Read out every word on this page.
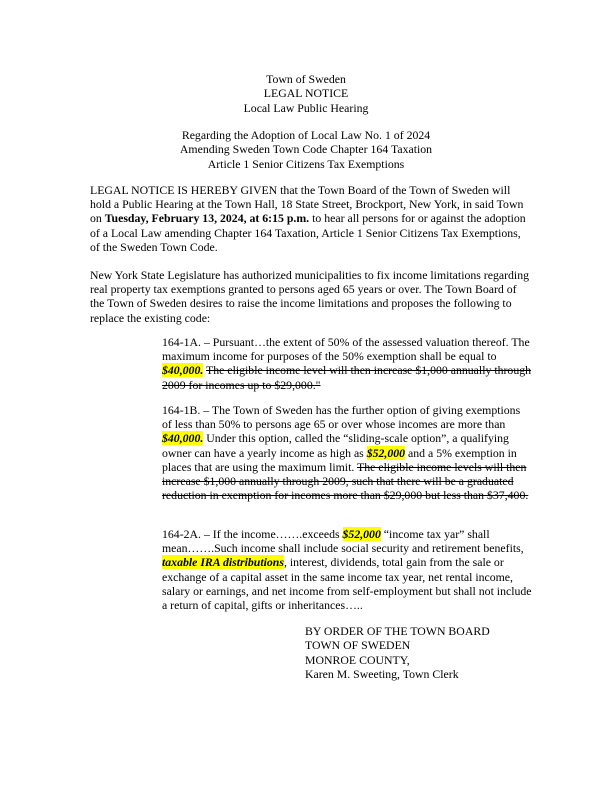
Town of Sweden
LEGAL NOTICE
Local Law Public Hearing
Regarding the Adoption of Local Law No. 1 of 2024
Amending Sweden Town Code Chapter 164 Taxation
Article 1 Senior Citizens Tax Exemptions
LEGAL NOTICE IS HEREBY GIVEN that the Town Board of the Town of Sweden will hold a Public Hearing at the Town Hall, 18 State Street, Brockport, New York, in said Town on Tuesday, February 13, 2024, at 6:15 p.m. to hear all persons for or against the adoption of a Local Law amending Chapter 164 Taxation, Article 1 Senior Citizens Tax Exemptions, of the Sweden Town Code.
New York State Legislature has authorized municipalities to fix income limitations regarding real property tax exemptions granted to persons aged 65 years or over. The Town Board of the Town of Sweden desires to raise the income limitations and proposes the following to replace the existing code:
164-1A. – Pursuant…the extent of 50% of the assessed valuation thereof. The maximum income for purposes of the 50% exemption shall be equal to $40,000. The eligible income level will then increase $1,000 annually through 2009 for incomes up to $29,000."
164-1B. – The Town of Sweden has the further option of giving exemptions of less than 50% to persons age 65 or over whose incomes are more than $40,000. Under this option, called the “sliding-scale option”, a qualifying owner can have a yearly income as high as $52,000 and a 5% exemption in places that are using the maximum limit. The eligible income levels will then increase $1,000 annually through 2009, such that there will be a graduated reduction in exemption for incomes more than $29,000 but less than $37,400.
164-2A. – If the income…….exceeds $52,000 “income tax yar” shall mean…….Such income shall include social security and retirement benefits, taxable IRA distributions, interest, dividends, total gain from the sale or exchange of a capital asset in the same income tax year, net rental income, salary or earnings, and net income from self-employment but shall not include a return of capital, gifts or inheritances…..
BY ORDER OF THE TOWN BOARD
TOWN OF SWEDEN
MONROE COUNTY,
Karen M. Sweeting, Town Clerk
